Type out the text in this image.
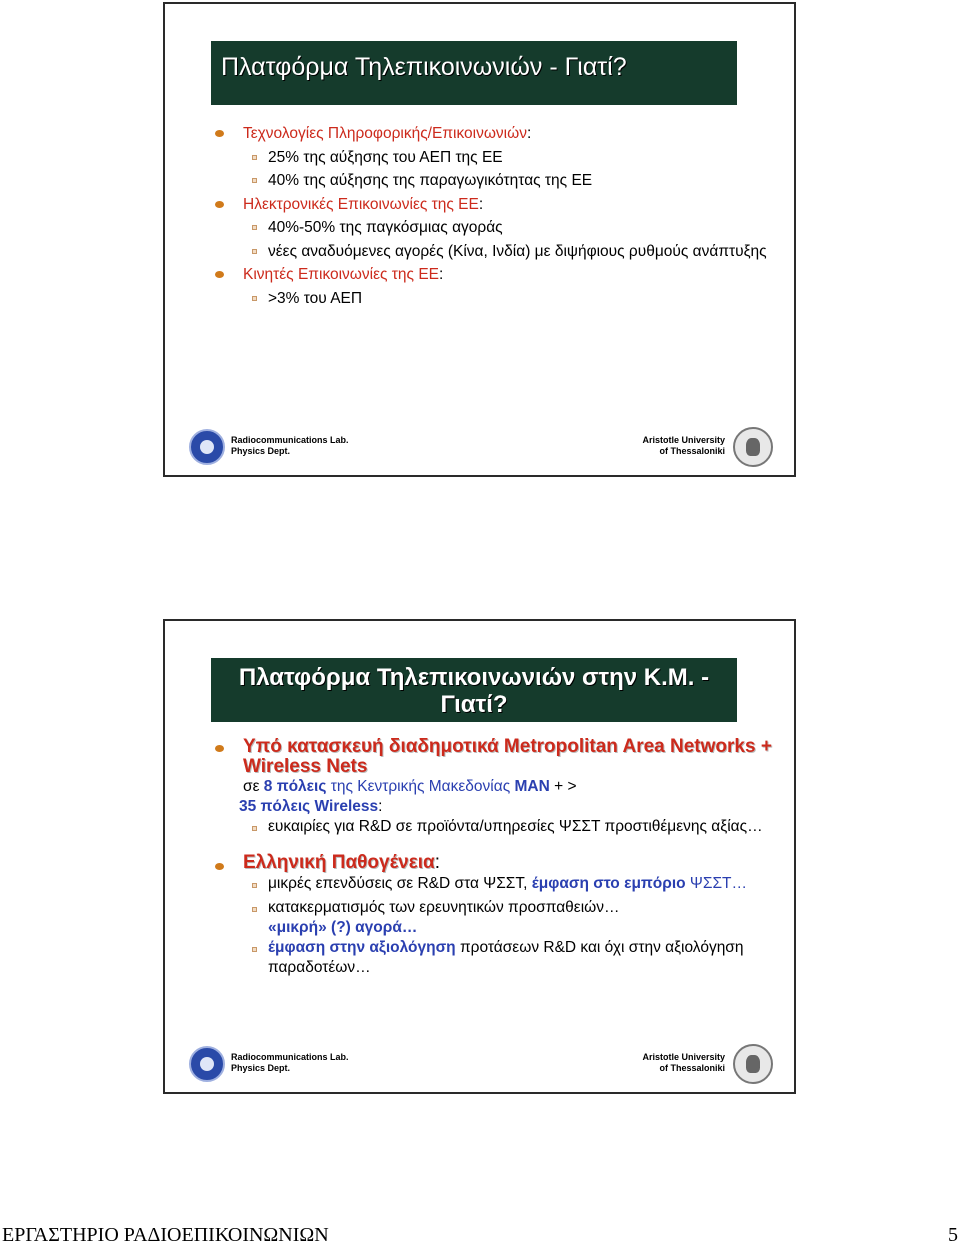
Πλατφόρμα Τηλεπικοινωνιών - Γιατί?
Τεχνολογίες Πληροφορικής/Επικοινωνιών:
25% της αύξησης του ΑΕΠ της ΕΕ
40% της αύξησης της παραγωγικότητας της ΕΕ
Ηλεκτρονικές Επικοινωνίες της ΕΕ:
40%-50% της παγκόσμιας αγοράς
νέες αναδυόμενες αγορές (Κίνα, Ινδία) με διψήφιους ρυθμούς ανάπτυξης
Κινητές Επικοινωνίες της ΕΕ:
>3% του ΑΕΠ
Radiocommunications Lab.
Physics Dept.
Aristotle University
of Thessaloniki
Πλατφόρμα Τηλεπικοινωνιών στην Κ.Μ. -
Γιατί?
Υπό κατασκευή διαδημοτικά Metropolitan Area Networks + Wireless Nets
σε 8 πόλεις της Κεντρικής Μακεδονίας MAN + >
35 πόλεις Wireless:
ευκαιρίες για R&D σε προϊόντα/υπηρεσίες ΨΣΣΤ προστιθέμενης αξίας…
Ελληνική Παθογένεια:
μικρές επενδύσεις σε R&D στα ΨΣΣΤ, έμφαση στο εμπόριο ΨΣΣΤ…
κατακερματισμός των ερευνητικών προσπαθειών…
«μικρή» (?) αγορά…
έμφαση στην αξιολόγηση προτάσεων R&D και όχι στην αξιολόγηση παραδοτέων…
Radiocommunications Lab.
Physics Dept.
Aristotle University
of Thessaloniki
ΕΡΓΑΣΤΗΡΙΟ ΡΑΔΙΟΕΠΙΚΟΙΝΩΝΙΩΝ	5
